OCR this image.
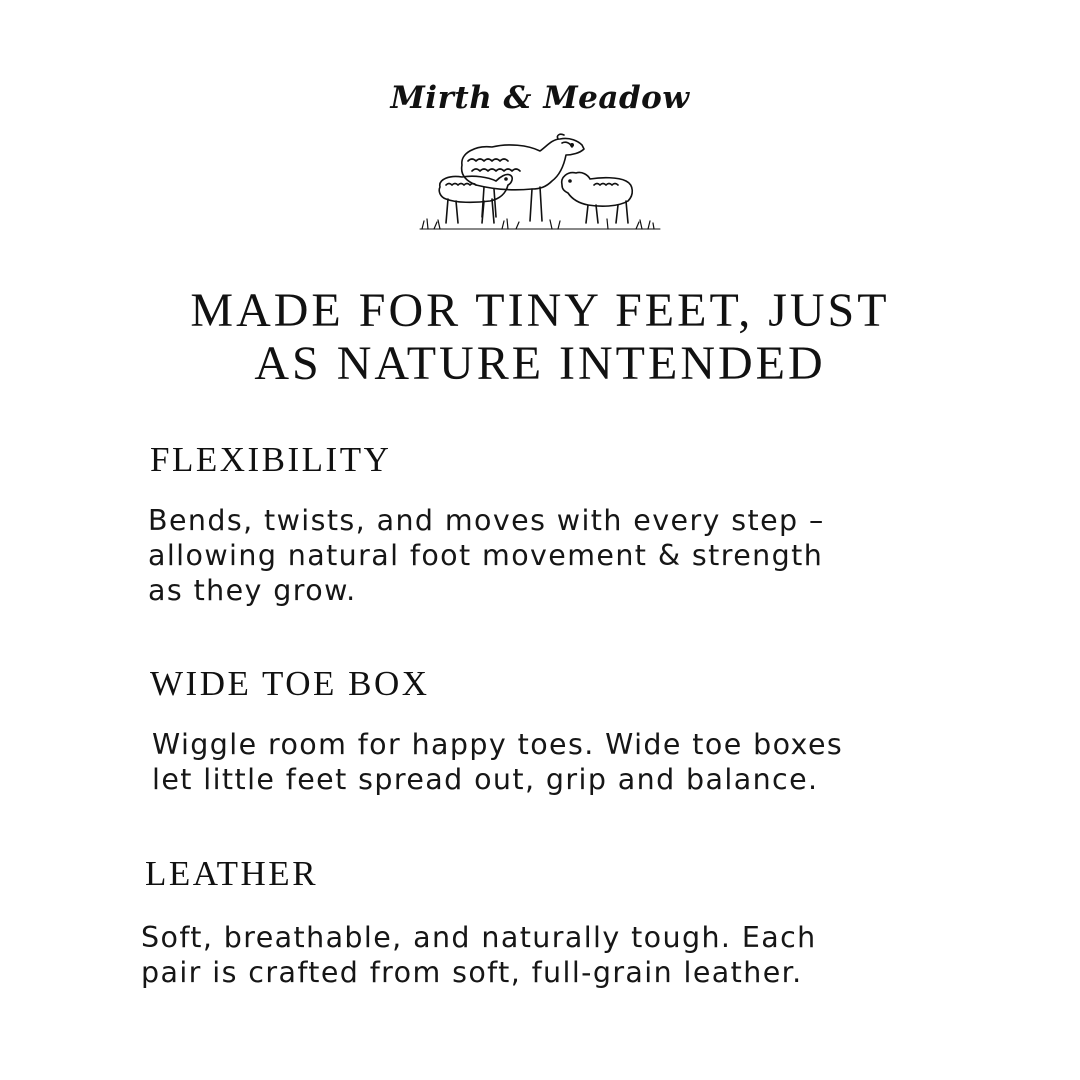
Mirth & Meadow
MADE FOR TINY FEET, JUST
AS NATURE INTENDED
FLEXIBILITY
Bends, twists, and moves with every step –
allowing natural foot movement & strength
as they grow.
WIDE TOE BOX
Wiggle room for happy toes. Wide toe boxes
let little feet spread out, grip and balance.
LEATHER
Soft, breathable, and naturally tough. Each
pair is crafted from soft, full-grain leather.
